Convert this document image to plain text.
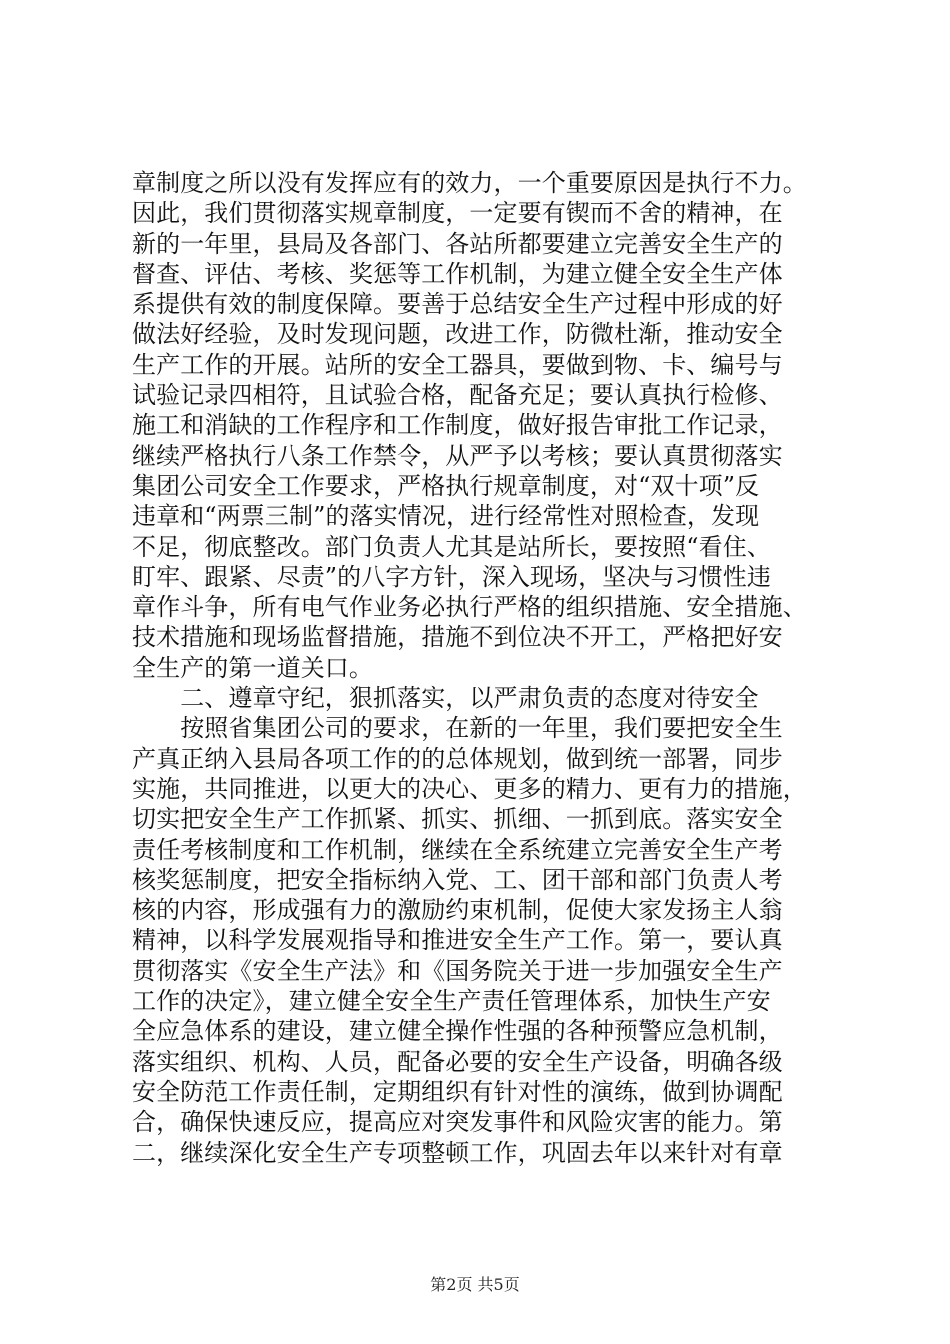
章制度之所以没有发挥应有的效力，一个重要原因是执行不力。
因此，我们贯彻落实规章制度，一定要有锲而不舍的精神，在
新的一年里，县局及各部门、各站所都要建立完善安全生产的
督查、评估、考核、奖惩等工作机制，为建立健全安全生产体
系提供有效的制度保障。要善于总结安全生产过程中形成的好
做法好经验，及时发现问题，改进工作，防微杜渐，推动安全
生产工作的开展。站所的安全工器具，要做到物、卡、编号与
试验记录四相符，且试验合格，配备充足；要认真执行检修、
施工和消缺的工作程序和工作制度，做好报告审批工作记录，
继续严格执行八条工作禁令，从严予以考核；要认真贯彻落实
集团公司安全工作要求，严格执行规章制度，对“双十项”反
违章和“两票三制”的落实情况，进行经常性对照检查，发现
不足，彻底整改。部门负责人尤其是站所长，要按照“看住、
盯牢、跟紧、尽责”的八字方针，深入现场，坚决与习惯性违
章作斗争，所有电气作业务必执行严格的组织措施、安全措施、
技术措施和现场监督措施，措施不到位决不开工，严格把好安
全生产的第一道关口。
　　二、遵章守纪，狠抓落实，以严肃负责的态度对待安全
　　按照省集团公司的要求，在新的一年里，我们要把安全生
产真正纳入县局各项工作的的总体规划，做到统一部署，同步
实施，共同推进，以更大的决心、更多的精力、更有力的措施，
切实把安全生产工作抓紧、抓实、抓细、一抓到底。落实安全
责任考核制度和工作机制，继续在全系统建立完善安全生产考
核奖惩制度，把安全指标纳入党、工、团干部和部门负责人考
核的内容，形成强有力的激励约束机制，促使大家发扬主人翁
精神，以科学发展观指导和推进安全生产工作。第一，要认真
贯彻落实《安全生产法》和《国务院关于进一步加强安全生产
工作的决定》，建立健全安全生产责任管理体系，加快生产安
全应急体系的建设，建立健全操作性强的各种预警应急机制，
落实组织、机构、人员，配备必要的安全生产设备，明确各级
安全防范工作责任制，定期组织有针对性的演练，做到协调配
合，确保快速反应，提高应对突发事件和风险灾害的能力。第
二，继续深化安全生产专项整顿工作，巩固去年以来针对有章
第2页 共5页
